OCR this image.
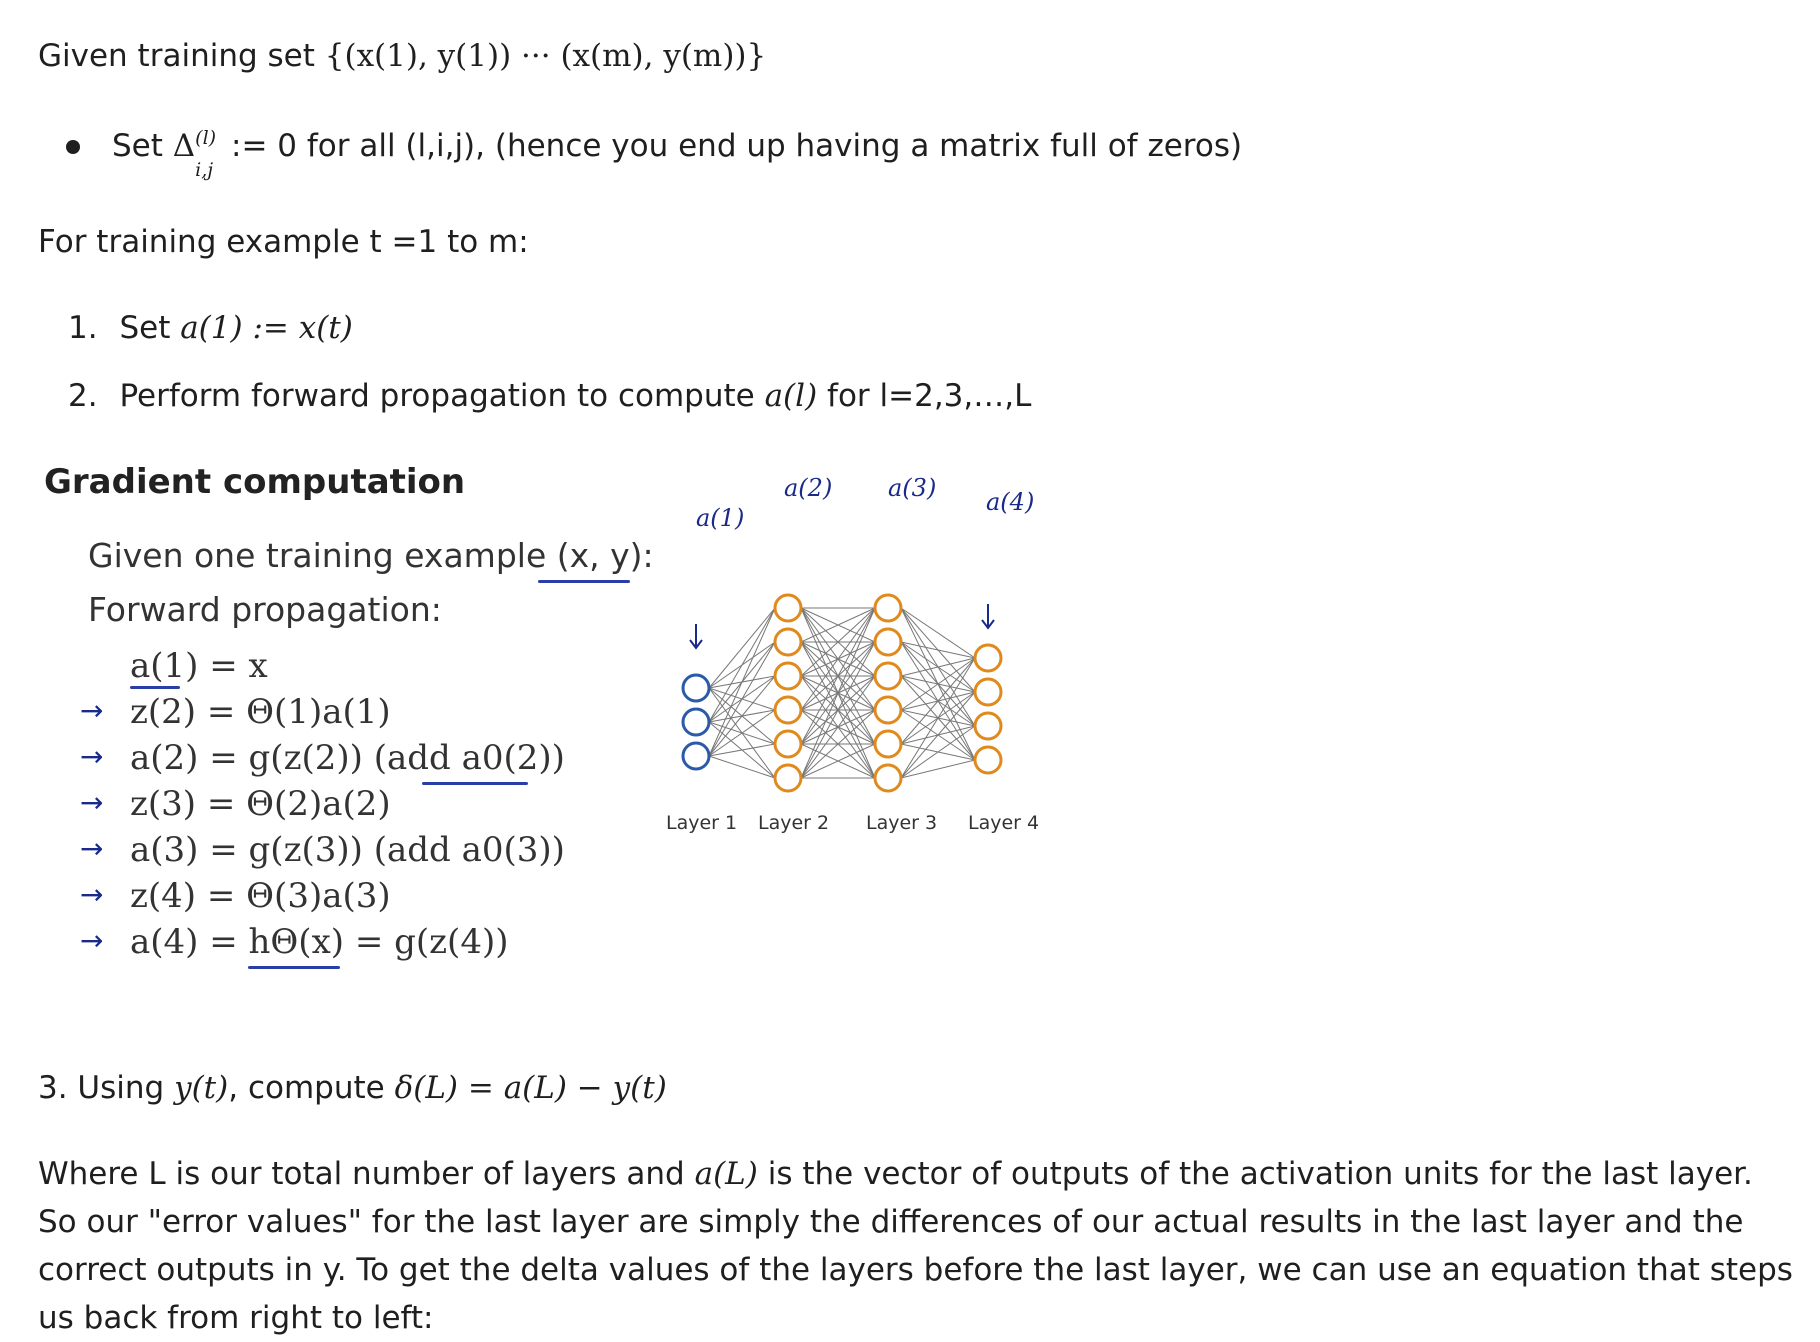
Given training set {(x(1), y(1)) ··· (x(m), y(m))}
Set Δ (l)
i,j
:= 0 for all (l,i,j), (hence you end up having a matrix full of zeros)
For training example t =1 to m:
1. Set a(1) := x(t)
2. Perform forward propagation to compute a(l) for l=2,3,…,L
Gradient computation
Given one training example (x, y):
Forward propagation:
a(1) = x
→ z(2) = Θ(1)a(1)
→ a(2) = g(z(2)) (add a0(2))
→ z(3) = Θ(2)a(2)
→ a(3) = g(z(3)) (add a0(3))
→ z(4) = Θ(3)a(3)
→ a(4) = hΘ(x) = g(z(4))
a(1)
a(2) a(3) a(4)
Layer 1 Layer 2 Layer 3 Layer 4
3. Using y(t), compute δ(L) = a(L) − y(t)
Where L is our total number of layers and a(L) is the vector of outputs of the activation units for the last layer. So our "error values" for the last layer are simply the differences of our actual results in the last layer and the correct outputs in y. To get the delta values of the layers before the last layer, we can use an equation that steps us back from right to left:
